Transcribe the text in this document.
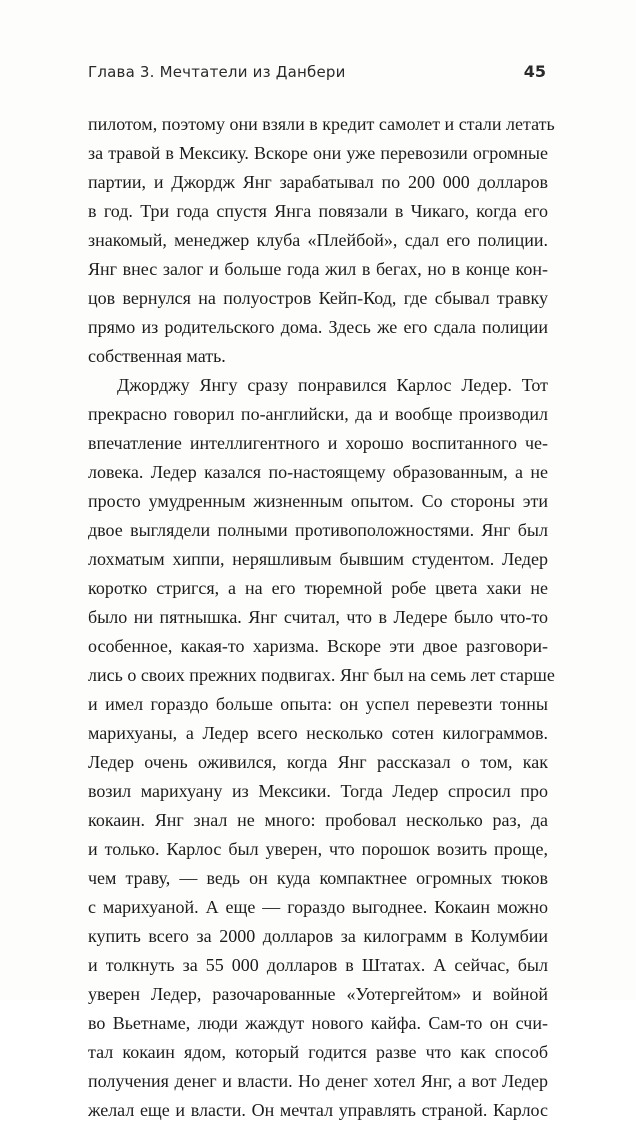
Глава 3. Мечтатели из Данбери	45

пилотом, поэтому они взяли в кредит самолет и стали летать
за травой в Мексику. Вскоре они уже перевозили огромные
партии, и Джордж Янг зарабатывал по 200 000 долларов
в год. Три года спустя Янга повязали в Чикаго, когда его
знакомый, менеджер клуба «Плейбой», сдал его полиции.
Янг внес залог и больше года жил в бегах, но в конце кон-
цов вернулся на полуостров Кейп-Код, где сбывал травку
прямо из родительского дома. Здесь же его сдала полиции
собственная мать.

Джорджу Янгу сразу понравился Карлос Ледер. Тот
прекрасно говорил по-английски, да и вообще производил
впечатление интеллигентного и хорошо воспитанного че-
ловека. Ледер казался по-настоящему образованным, а не
просто умудренным жизненным опытом. Со стороны эти
двое выглядели полными противоположностями. Янг был
лохматым хиппи, неряшливым бывшим студентом. Ледер
коротко стригся, а на его тюремной робе цвета хаки не
было ни пятнышка. Янг считал, что в Ледере было что-то
особенное, какая-то харизма. Вскоре эти двое разговори-
лись о своих прежних подвигах. Янг был на семь лет старше
и имел гораздо больше опыта: он успел перевезти тонны
марихуаны, а Ледер всего несколько сотен килограммов.
Ледер очень оживился, когда Янг рассказал о том, как
возил марихуану из Мексики. Тогда Ледер спросил про
кокаин. Янг знал не много: пробовал несколько раз, да
и только. Карлос был уверен, что порошок возить проще,
чем траву, — ведь он куда компактнее огромных тюков
с марихуаной. А еще — гораздо выгоднее. Кокаин можно
купить всего за 2000 долларов за килограмм в Колумбии
и толкнуть за 55 000 долларов в Штатах. А сейчас, был
уверен Ледер, разочарованные «Уотергейтом» и войной
во Вьетнаме, люди жаждут нового кайфа. Сам-то он счи-
тал кокаин ядом, который годится разве что как способ
получения денег и власти. Но денег хотел Янг, а вот Ледер
желал еще и власти. Он мечтал управлять страной. Карлос
